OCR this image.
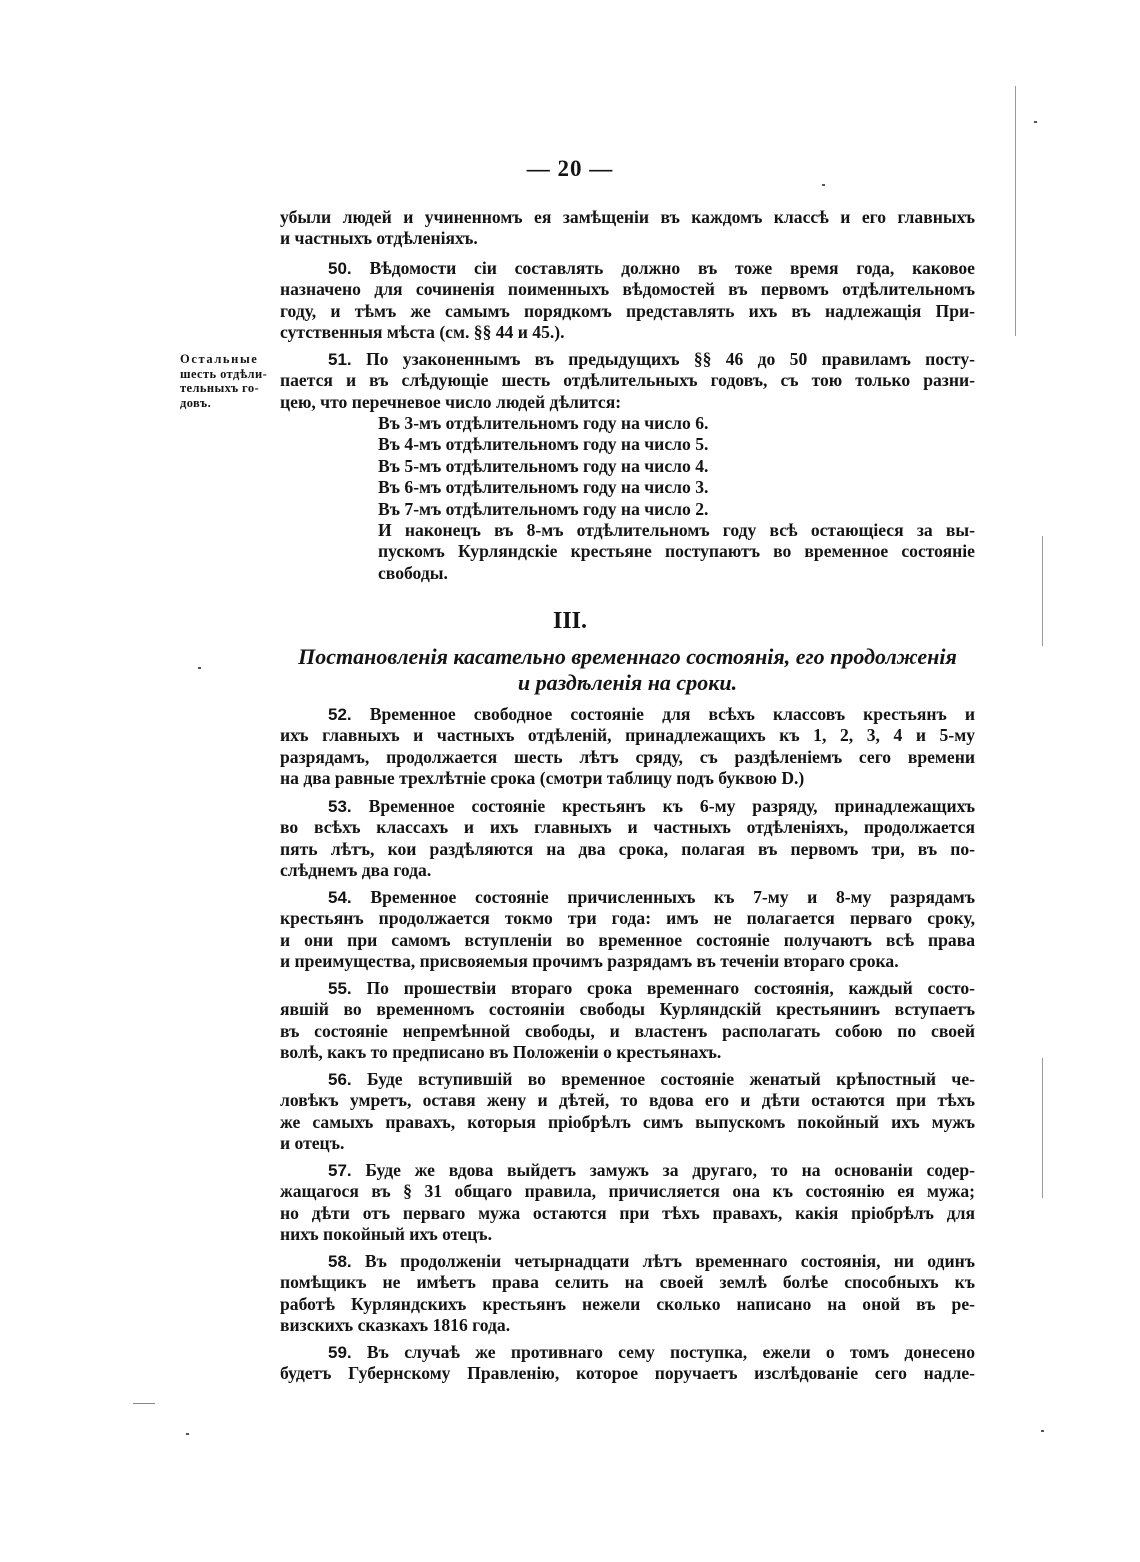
— 20 —
убыли людей и учиненномъ ея замѣщеніи въ каждомъ классѣ и его главныхъ
и частныхъ отдѣленіяхъ.
50. Вѣдомости сіи составлять должно въ тоже время года, каковое
назначено для сочиненія поименныхъ вѣдомостей въ первомъ отдѣлительномъ
году, и тѣмъ же самымъ порядкомъ представлять ихъ въ надлежащія При-
сутственныя мѣста (см. §§ 44 и 45.).
Остальные
шесть отдѣли-
тельныхъ го-
довъ.
51. По узаконеннымъ въ предыдущихъ §§ 46 до 50 правиламъ посту-
пается и въ слѣдующіе шесть отдѣлительныхъ годовъ, съ тою только разни-
цею, что перечневое число людей дѣлится:
Въ 3-мъ отдѣлительномъ году на число 6.
Въ 4-мъ отдѣлительномъ году на число 5.
Въ 5-мъ отдѣлительномъ году на число 4.
Въ 6-мъ отдѣлительномъ году на число 3.
Въ 7-мъ отдѣлительномъ году на число 2.
И наконецъ въ 8-мъ отдѣлительномъ году всѣ остающіеся за вы-
пускомъ Курляндскіе крестьяне поступаютъ во временное состояніе
свободы.
III.
Постановленія касательно временнаго состоянія, его продолженія
и раздѣленія на сроки.
52. Временное свободное состояніе для всѣхъ классовъ крестьянъ и
ихъ главныхъ и частныхъ отдѣленій, принадлежащихъ къ 1, 2, 3, 4 и 5-му
разрядамъ, продолжается шесть лѣтъ сряду, съ раздѣленіемъ сего времени
на два равные трехлѣтніе срока (смотри таблицу подъ буквою D.)
53. Временное состояніе крестьянъ къ 6-му разряду, принадлежащихъ
во всѣхъ классахъ и ихъ главныхъ и частныхъ отдѣленіяхъ, продолжается
пять лѣтъ, кои раздѣляются на два срока, полагая въ первомъ три, въ по-
слѣднемъ два года.
54. Временное состояніе причисленныхъ къ 7-му и 8-му разрядамъ
крестьянъ продолжается токмо три года: имъ не полагается перваго сроку,
и они при самомъ вступленіи во временное состояніе получаютъ всѣ права
и преимущества, присвояемыя прочимъ разрядамъ въ теченіи втораго срока.
55. По прошествіи втораго срока временнаго состоянія, каждый состо-
явшій во временномъ состояніи свободы Курляндскій крестьянинъ вступаетъ
въ состояніе непремѣнной свободы, и властенъ располагать собою по своей
волѣ, какъ то предписано въ Положеніи о крестьянахъ.
56. Буде вступившій во временное состояніе женатый крѣпостный че-
ловѣкъ умретъ, оставя жену и дѣтей, то вдова его и дѣти остаются при тѣхъ
же самыхъ правахъ, которыя пріобрѣлъ симъ выпускомъ покойный ихъ мужъ
и отецъ.
57. Буде же вдова выйдетъ замужъ за другаго, то на основаніи содер-
жащагося въ § 31 общаго правила, причисляется она къ состоянію ея мужа;
но дѣти отъ перваго мужа остаются при тѣхъ правахъ, какія пріобрѣлъ для
нихъ покойный ихъ отецъ.
58. Въ продолженіи четырнадцати лѣтъ временнаго состоянія, ни одинъ
помѣщикъ не имѣетъ права селить на своей землѣ болѣе способныхъ къ
работѣ Курляндскихъ крестьянъ нежели сколько написано на оной въ ре-
визскихъ сказкахъ 1816 года.
59. Въ случаѣ же противнаго сему поступка, ежели о томъ донесено
будетъ Губернскому Правленію, которое поручаетъ изслѣдованіе сего надле-
